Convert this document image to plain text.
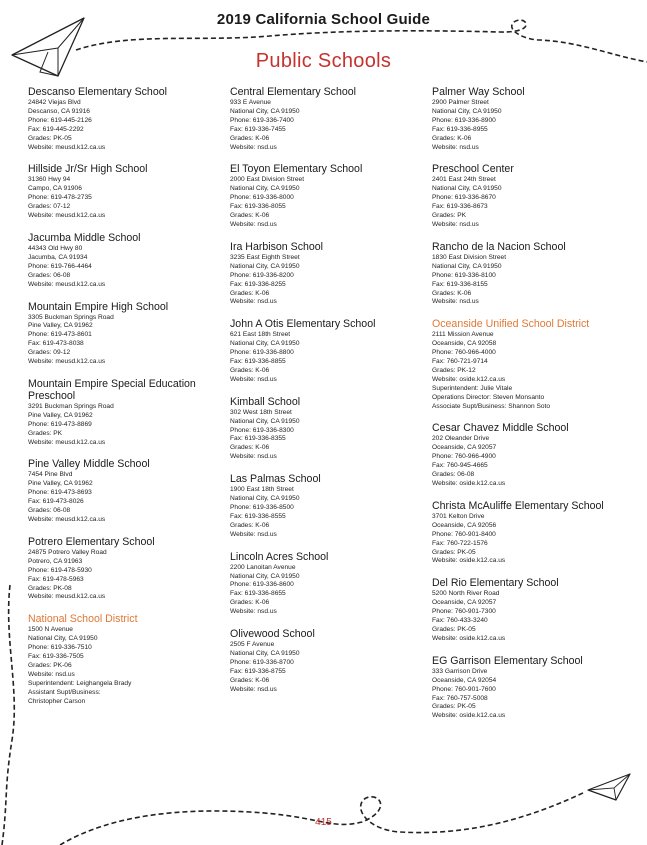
2019 California School Guide
Public Schools
Descanso Elementary School
24842 Viejas Blvd
Descanso, CA 91916
Phone: 619-445-2126
Fax: 619-445-2292
Grades: PK-05
Website: meusd.k12.ca.us
Hillside Jr/Sr High School
31360 Hwy 94
Campo, CA 91906
Phone: 619-478-2735
Grades: 07-12
Website: meusd.k12.ca.us
Jacumba Middle School
44343 Old Hwy 80
Jacumba, CA 91934
Phone: 619-766-4464
Grades: 06-08
Website: meusd.k12.ca.us
Mountain Empire High School
3305 Buckman Springs Road
Pine Valley, CA 91962
Phone: 619-473-8601
Fax: 619-473-8038
Grades: 09-12
Website: meusd.k12.ca.us
Mountain Empire Special Education Preschool
3291 Buckman Springs Road
Pine Valley, CA 91962
Phone: 619-473-8869
Grades: PK
Website: meusd.k12.ca.us
Pine Valley Middle School
7454 Pine Blvd
Pine Valley, CA 91962
Phone: 619-473-8693
Fax: 619-473-8026
Grades: 06-08
Website: meusd.k12.ca.us
Potrero Elementary School
24875 Potrero Valley Road
Potrero, CA 91963
Phone: 619-478-5930
Fax: 619-478-5963
Grades: PK-08
Website: meusd.k12.ca.us
National School District
1500 N Avenue
National City, CA 91950
Phone: 619-336-7510
Fax: 619-336-7505
Grades: PK-06
Website: nsd.us
Superintendent: Leighangela Brady
Assistant Supt/Business:
Christopher Carson
Central Elementary School
933 E Avenue
National City, CA 91950
Phone: 619-336-7400
Fax: 619-336-7455
Grades: K-06
Website: nsd.us
El Toyon Elementary School
2000 East Division Street
National City, CA 91950
Phone: 619-336-8000
Fax: 619-336-8055
Grades: K-06
Website: nsd.us
Ira Harbison School
3235 East Eighth Street
National City, CA 91950
Phone: 619-336-8200
Fax: 619-336-8255
Grades: K-06
Website: nsd.us
John A Otis Elementary School
621 East 18th Street
National City, CA 91950
Phone: 619-336-8800
Fax: 619-336-8855
Grades: K-06
Website: nsd.us
Kimball School
302 West 18th Street
National City, CA 91950
Phone: 619-336-8300
Fax: 619-336-8355
Grades: K-06
Website: nsd.us
Las Palmas School
1900 East 18th Street
National City, CA 91950
Phone: 619-336-8500
Fax: 619-336-8555
Grades: K-06
Website: nsd.us
Lincoln Acres School
2200 Lanoitan Avenue
National City, CA 91950
Phone: 619-336-8600
Fax: 619-336-8655
Grades: K-06
Website: nsd.us
Olivewood School
2505 F Avenue
National City, CA 91950
Phone: 619-336-8700
Fax: 619-336-8755
Grades: K-06
Website: nsd.us
Palmer Way School
2900 Palmer Street
National City, CA 91950
Phone: 619-336-8900
Fax: 619-336-8955
Grades: K-06
Website: nsd.us
Preschool Center
2401 East 24th Street
National City, CA 91950
Phone: 619-336-8670
Fax: 619-336-8673
Grades: PK
Website: nsd.us
Rancho de la Nacion School
1830 East Division Street
National City, CA 91950
Phone: 619-336-8100
Fax: 619-336-8155
Grades: K-06
Website: nsd.us
Oceanside Unified School District
2111 Mission Avenue
Oceanside, CA 92058
Phone: 760-966-4000
Fax: 760-721-9714
Grades: PK-12
Website: oside.k12.ca.us
Superintendent: Julie Vitale
Operations Director: Steven Monsanto
Associate Supt/Business: Shannon Soto
Cesar Chavez Middle School
202 Oleander Drive
Oceanside, CA 92057
Phone: 760-966-4900
Fax: 760-945-4665
Grades: 06-08
Website: oside.k12.ca.us
Christa McAuliffe Elementary School
3701 Kelton Drive
Oceanside, CA 92056
Phone: 760-901-8400
Fax: 760-722-1576
Grades: PK-05
Website: oside.k12.ca.us
Del Rio Elementary School
5200 North River Road
Oceanside, CA 92057
Phone: 760-901-7300
Fax: 760-433-3240
Grades: PK-05
Website: oside.k12.ca.us
EG Garrison Elementary School
333 Garrison Drive
Oceanside, CA 92054
Phone: 760-901-7600
Fax: 760-757-5008
Grades: PK-05
Website: oside.k12.ca.us
415
